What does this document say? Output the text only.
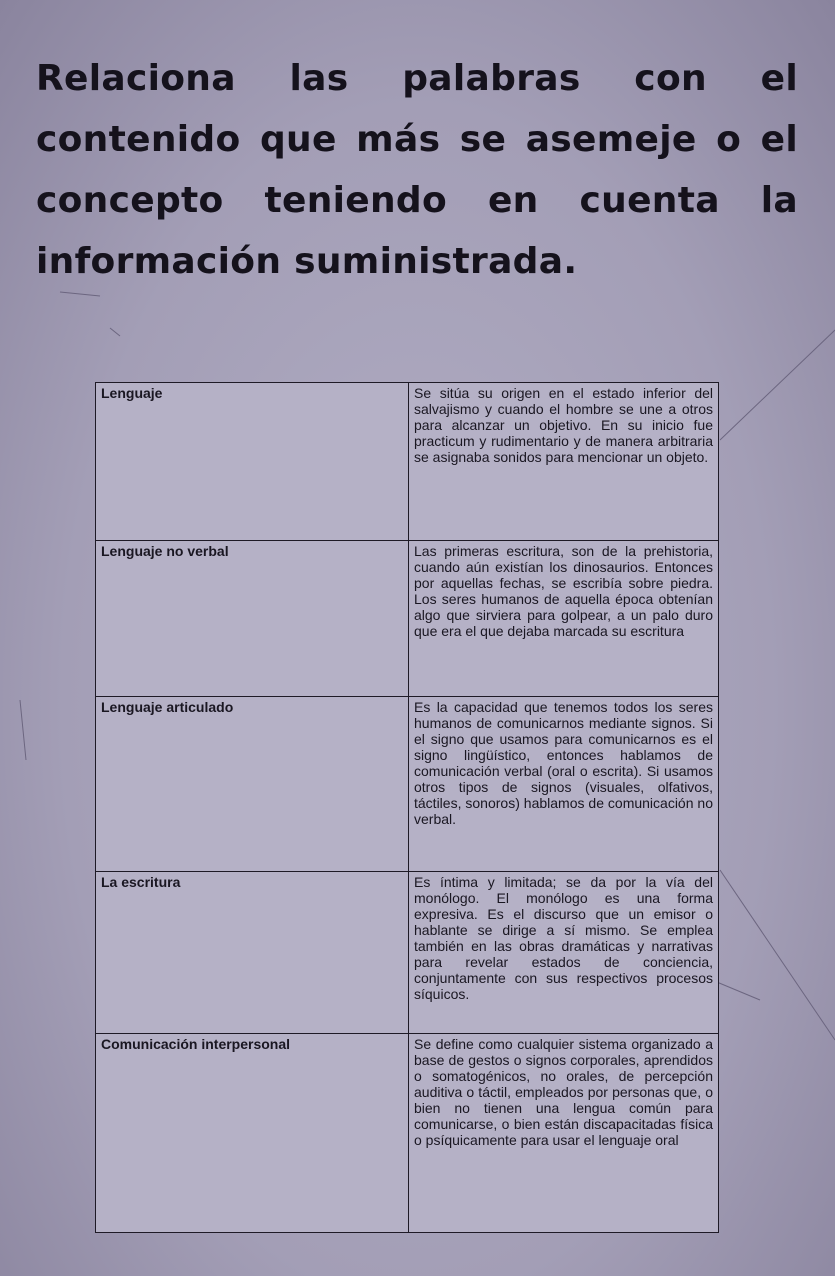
Relaciona las palabras con el contenido que más se asemeje o el concepto teniendo en cuenta la información suministrada.
Lenguaje	Se sitúa su origen en el estado inferior del salvajismo y cuando el hombre se une a otros para alcanzar un objetivo. En su inicio fue practicum y rudimentario y de manera arbitraria se asignaba sonidos para mencionar un objeto.
Lenguaje no verbal	Las primeras escritura, son de la prehistoria, cuando aún existían los dinosaurios. Entonces por aquellas fechas, se escribía sobre piedra. Los seres humanos de aquella época obtenían algo que sirviera para golpear, a un palo duro que era el que dejaba marcada su escritura
Lenguaje articulado	Es la capacidad que tenemos todos los seres humanos de comunicarnos mediante signos. Si el signo que usamos para comunicarnos es el signo lingüístico, entonces hablamos de comunicación verbal (oral o escrita). Si usamos otros tipos de signos (visuales, olfativos, táctiles, sonoros) hablamos de comunicación no verbal.
La escritura	Es íntima y limitada; se da por la vía del monólogo. El monólogo es una forma expresiva. Es el discurso que un emisor o hablante se dirige a sí mismo. Se emplea también en las obras dramáticas y narrativas para revelar estados de conciencia, conjuntamente con sus respectivos procesos síquicos.
Comunicación interpersonal	Se define como cualquier sistema organizado a base de gestos o signos corporales, aprendidos o somatogénicos, no orales, de percepción auditiva o táctil, empleados por personas que, o bien no tienen una lengua común para comunicarse, o bien están discapacitadas física o psíquicamente para usar el lenguaje oral
